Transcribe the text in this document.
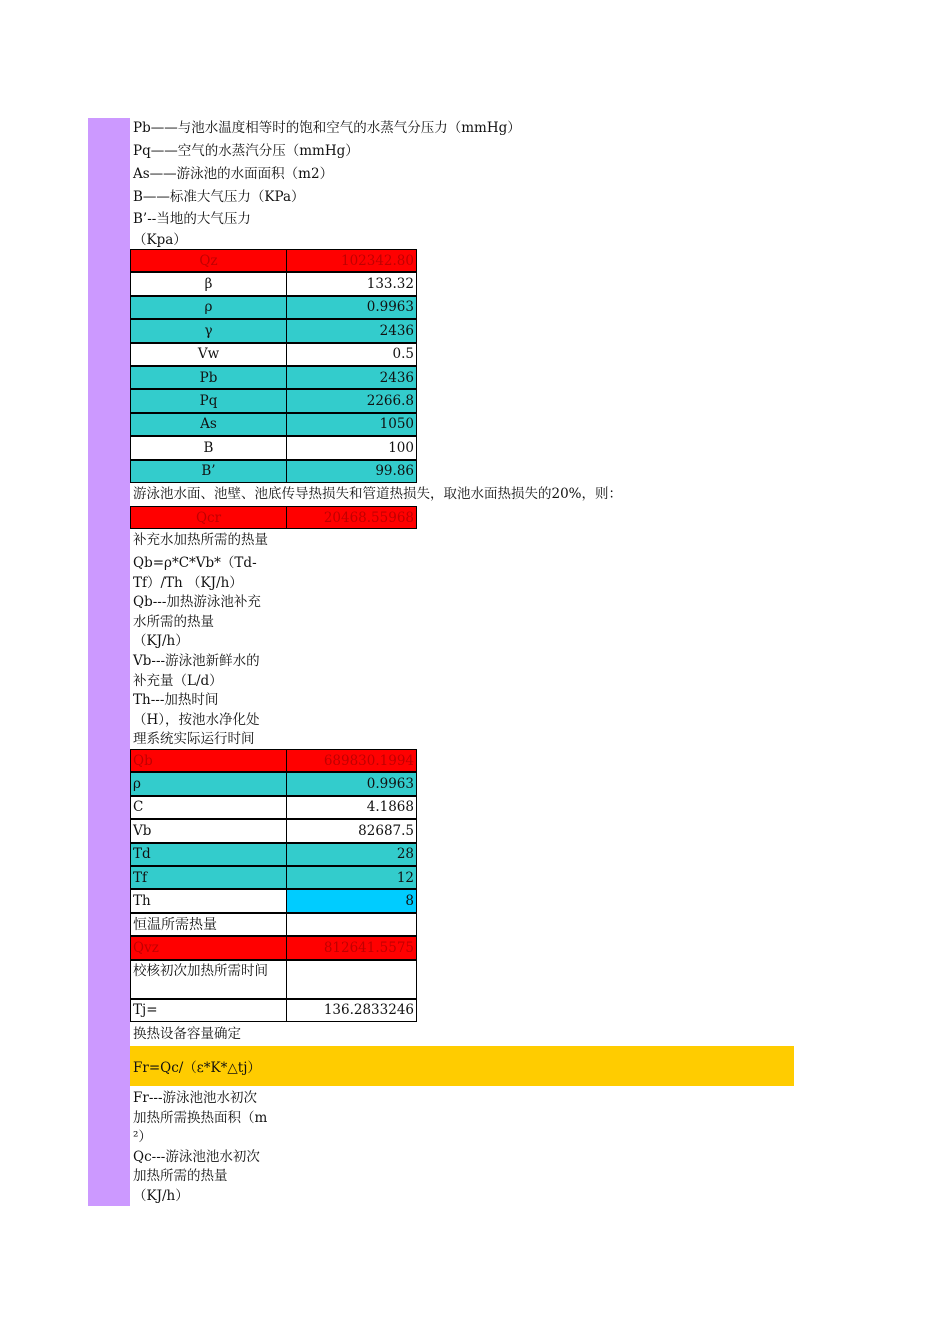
Pb——与池水温度相等时的饱和空气的水蒸气分压力（mmHg）
Pq——空气的水蒸汽分压（mmHg）
As——游泳池的水面面积（m2）
B——标准大气压力（KPa）
B’--当地的大气压力
（Kpa）
Qz	102342.80
β	133.32
ρ	0.9963
γ	2436
Vw	0.5
Pb	2436
Pq	2266.8
As	1050
B	100
B’	99.86
游泳池水面、池壁、池底传导热损失和管道热损失，取池水面热损失的20%，则：
Qcr	20468.55968
补充水加热所需的热量
Qb=ρ*C*Vb*（Td-
Tf）/Th （KJ/h）
Qb---加热游泳池补充
水所需的热量
（KJ/h）
Vb---游泳池新鲜水的
补充量（L/d）
Th---加热时间
（H），按池水净化处
理系统实际运行时间
Qb	689830.1994
ρ	0.9963
C	4.1868
Vb	82687.5
Td	28
Tf	12
Th	8
恒温所需热量
Qvz	812641.5575
校核初次加热所需时间
Tj=	136.2833246
换热设备容量确定
Fr=Qc/（ε*K*△tj）
Fr---游泳池池水初次
加热所需换热面积（m
²）
Qc---游泳池池水初次
加热所需的热量
（KJ/h）
